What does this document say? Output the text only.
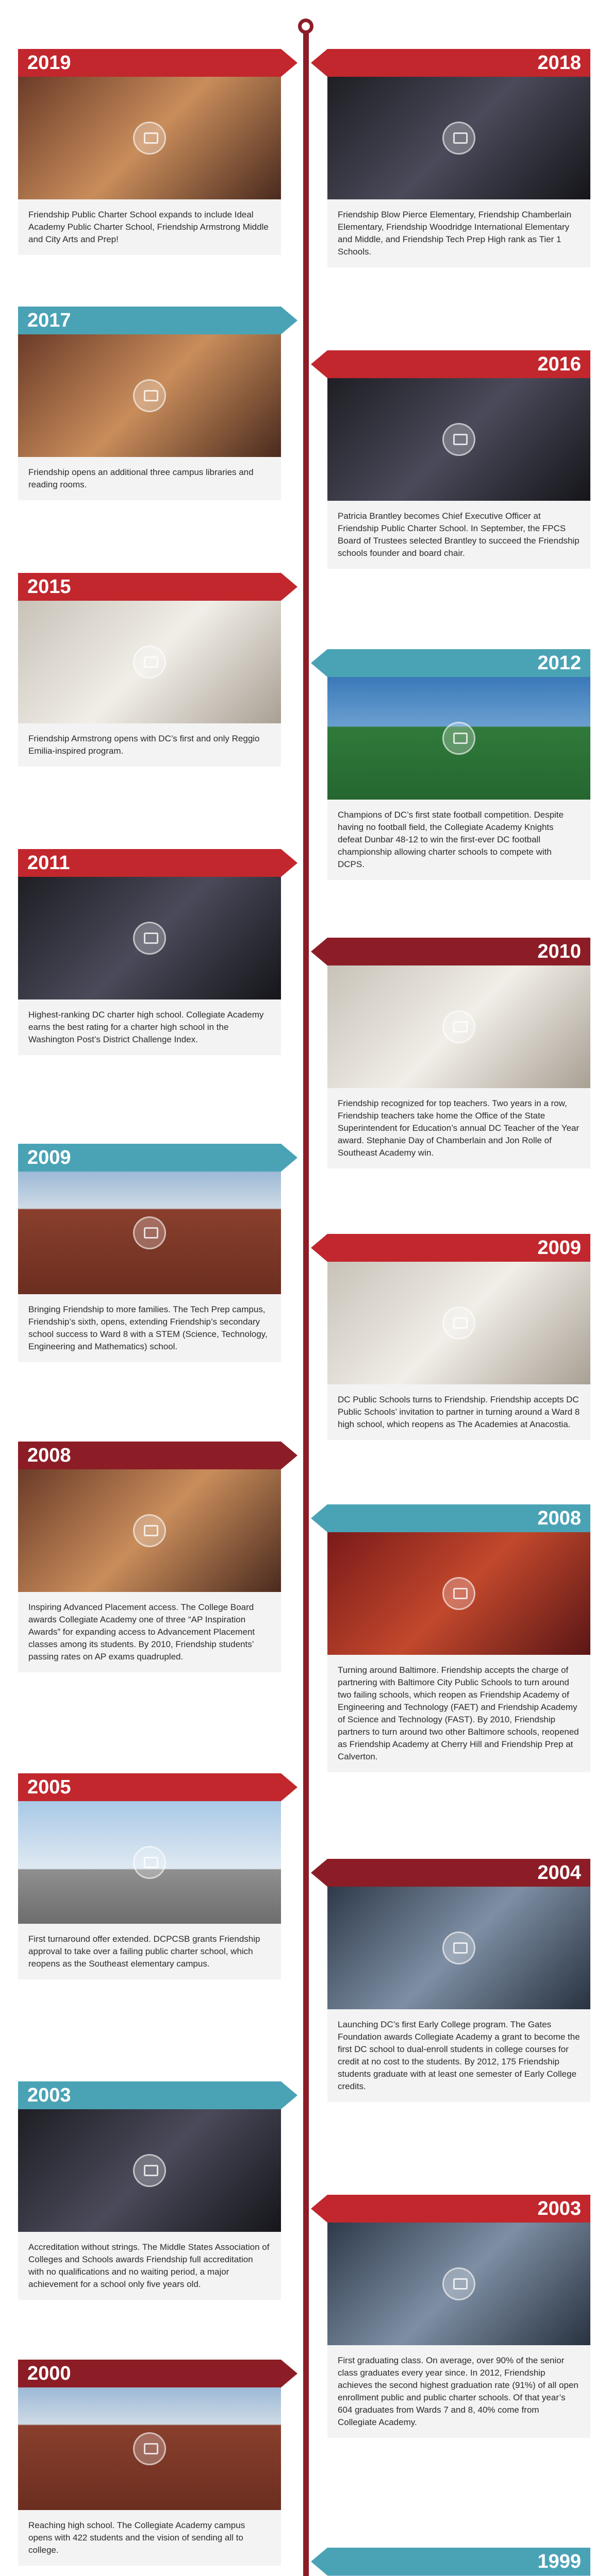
2019

Friendship Public Charter School expands to include Ideal Academy Public Charter School, Friendship Armstrong Middle and City Arts and Prep!

2018

Friendship Blow Pierce Elementary, Friendship Chamberlain Elementary, Friendship Woodridge International Elementary and Middle, and Friendship Tech Prep High rank as Tier 1 Schools.

2017

Friendship opens an additional three campus libraries and reading rooms.

2016

Patricia Brantley becomes Chief Executive Officer at Friendship Public Charter School. In September, the FPCS Board of Trustees selected Brantley to succeed the Friendship schools founder and board chair.

2015

Friendship Armstrong opens with DC’s first and only Reggio Emilia-inspired program.

2012

Champions of DC’s first state football competition. Despite having no football field, the Collegiate Academy Knights defeat Dunbar 48-12 to win the first-ever DC football championship allowing charter schools to compete with DCPS.

2011

Highest-ranking DC charter high school. Collegiate Academy earns the best rating for a charter high school in the Washington Post’s District Challenge Index.

2010

Friendship recognized for top teachers. Two years in a row, Friendship teachers take home the Office of the State Superintendent for Education’s annual DC Teacher of the Year award. Stephanie Day of Chamberlain and Jon Rolle of Southeast Academy win.

2009

Bringing Friendship to more families. The Tech Prep campus, Friendship’s sixth, opens, extending Friendship’s secondary school success to Ward 8 with a STEM (Science, Technology, Engineering and Mathematics) school.

2009

DC Public Schools turns to Friendship. Friendship accepts DC Public Schools’ invitation to partner in turning around a Ward 8 high school, which reopens as The Academies at Anacostia.

2008

Inspiring Advanced Placement access. The College Board awards Collegiate Academy one of three “AP Inspiration Awards” for expanding access to Advancement Placement classes among its students. By 2010, Friendship students’ passing rates on AP exams quadrupled.

2008

Turning around Baltimore. Friendship accepts the charge of partnering with Baltimore City Public Schools to turn around two failing schools, which reopen as Friendship Academy of Engineering and Technology (FAET) and Friendship Academy of Science and Technology (FAST). By 2010, Friendship partners to turn around two other Baltimore schools, reopened as Friendship Academy at Cherry Hill and Friendship Prep at Calverton.

2005

First turnaround offer extended. DCPCSB grants Friendship approval to take over a failing public charter school, which reopens as the Southeast elementary campus.

2004

Launching DC’s first Early College program. The Gates Foundation awards Collegiate Academy a grant to become the first DC school to dual-enroll students in college courses for credit at no cost to the students. By 2012, 175 Friendship students graduate with at least one semester of Early College credits.

2003

Accreditation without strings. The Middle States Association of Colleges and Schools awards Friendship full accreditation with no qualifications and no waiting period, a major achievement for a school only five years old.

2003

First graduating class. On average, over 90% of the senior class graduates every year since. In 2012, Friendship achieves the second highest graduation rate (91%) of all open enrollment public and public charter schools. Of that year’s 604 graduates from Wards 7 and 8, 40% come from Collegiate Academy.

2000

Reaching high school. The Collegiate Academy campus opens with 422 students and the vision of sending all to college.

1999
